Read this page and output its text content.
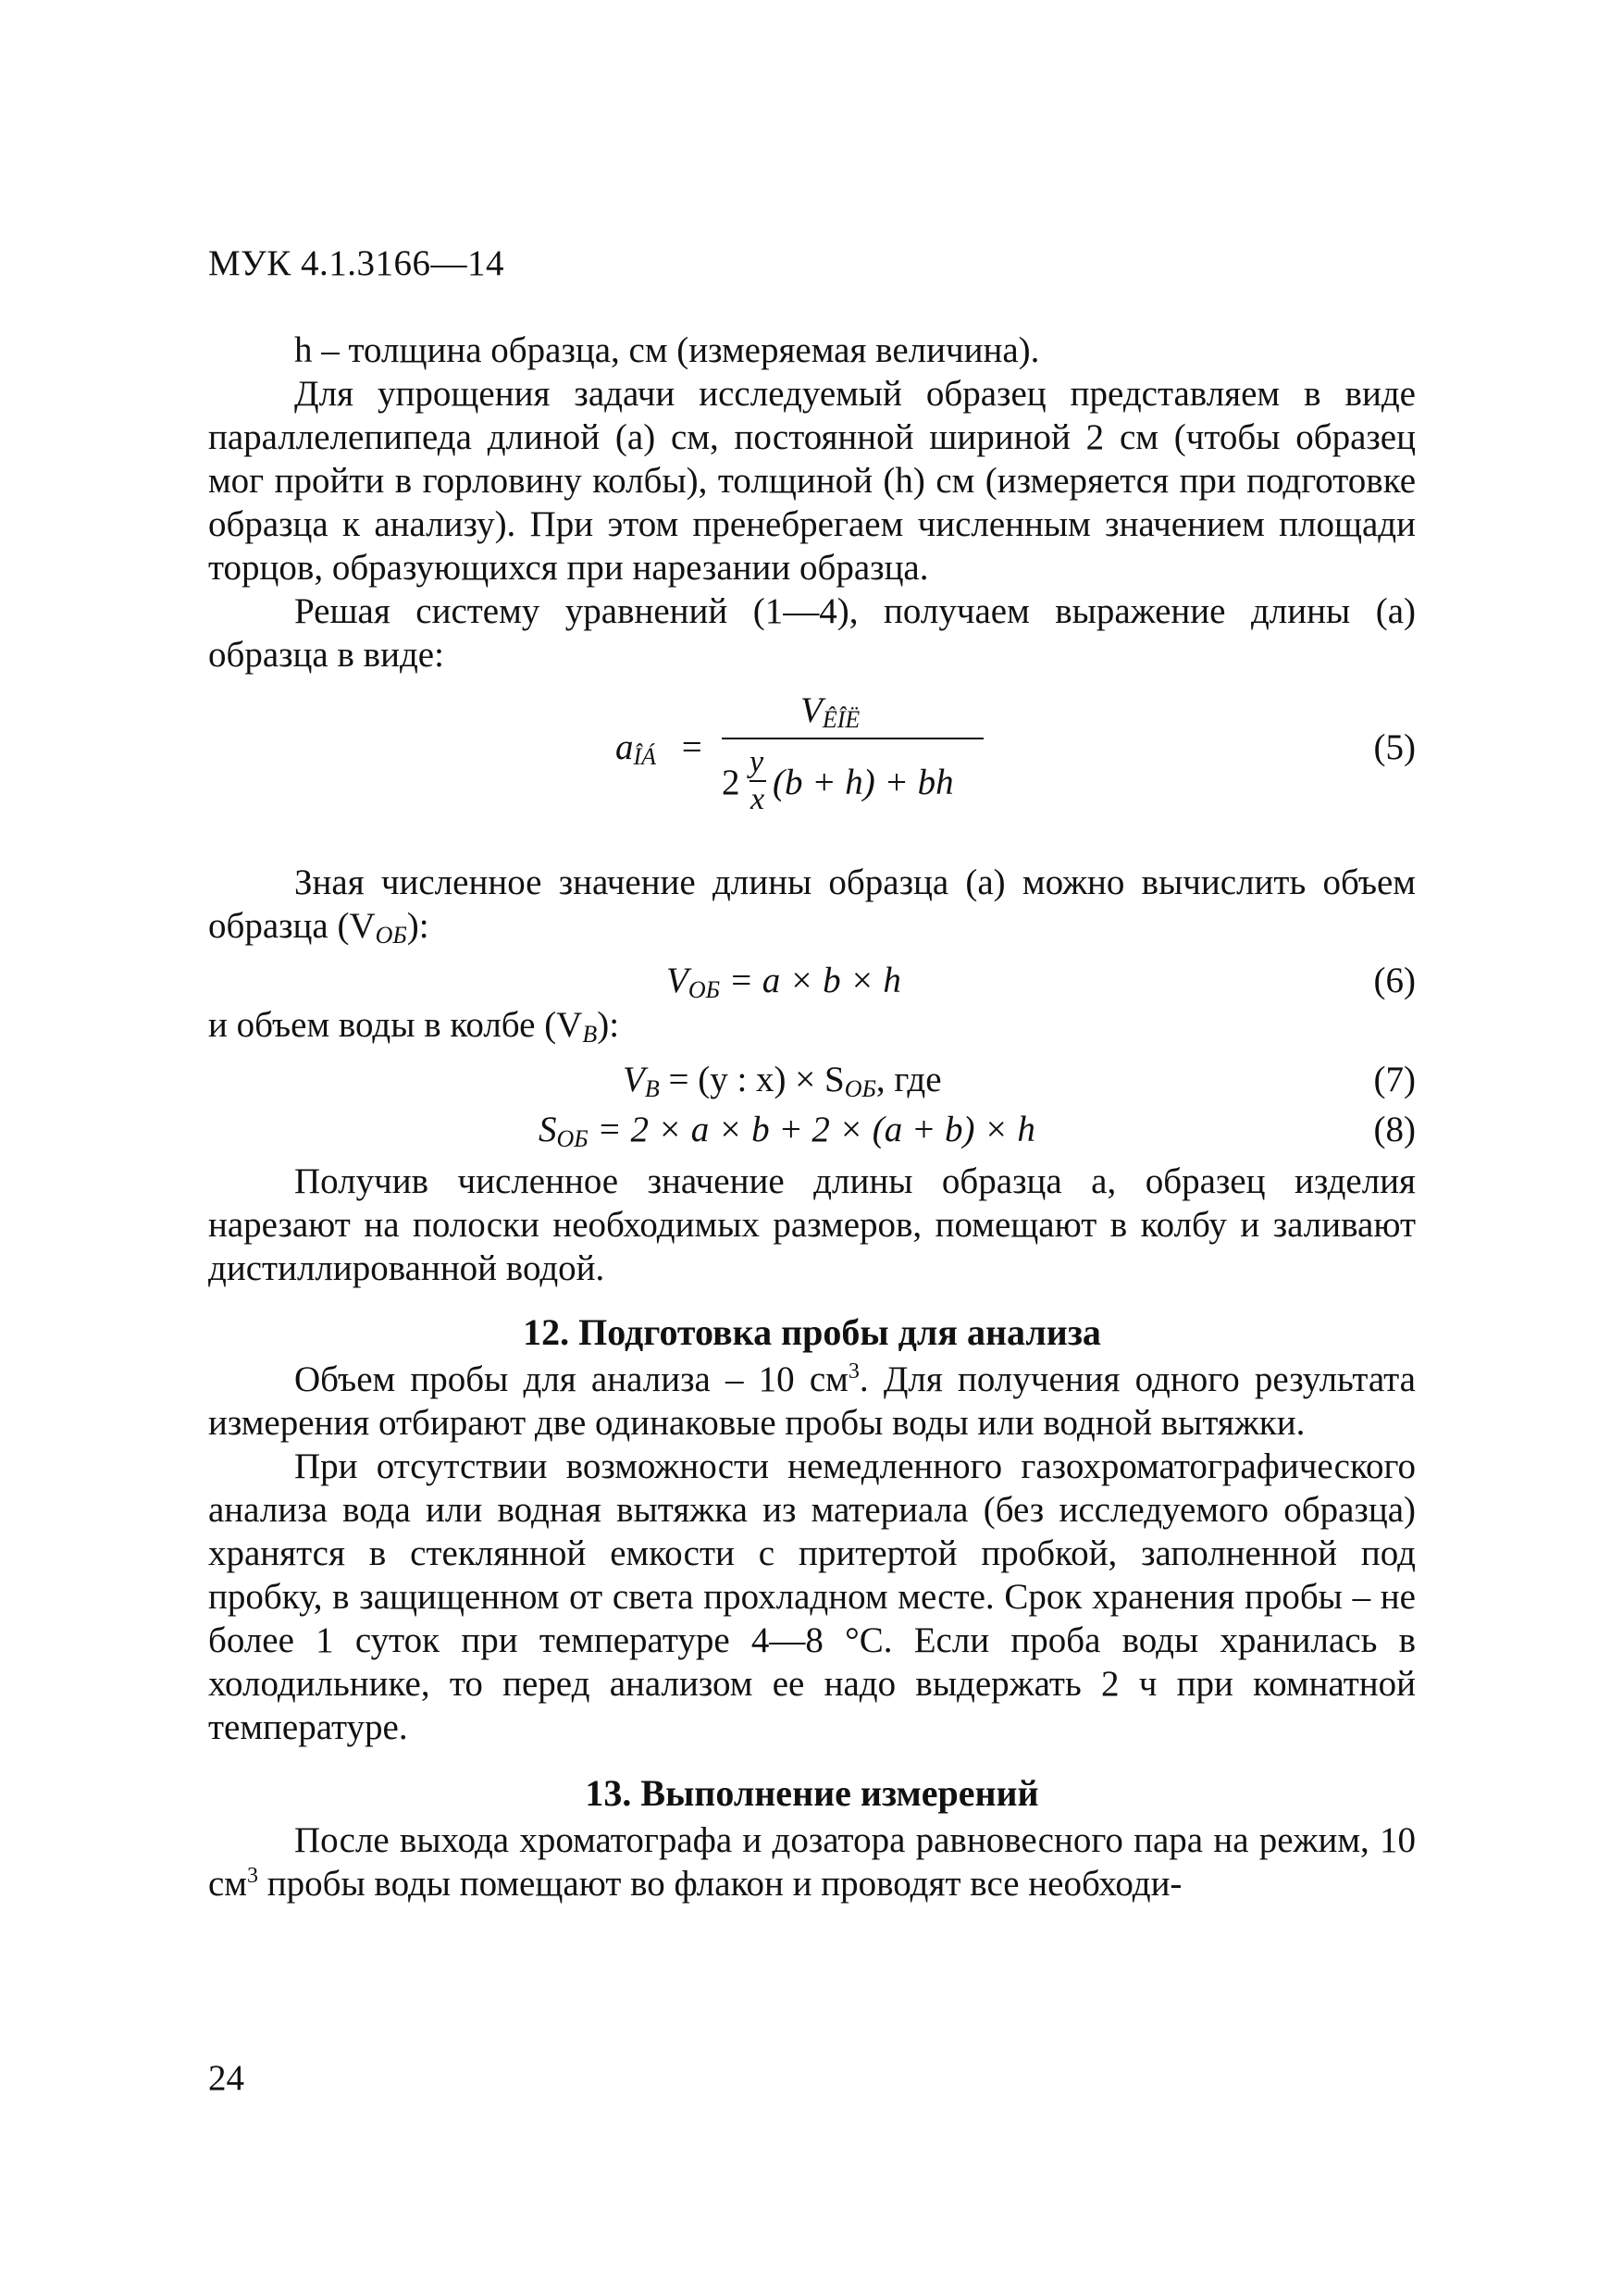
МУК 4.1.3166—14

h – толщина образца, см (измеряемая величина).

Для упрощения задачи исследуемый образец представляем в виде параллелепипеда длиной (a) см, постоянной шириной 2 см (чтобы образец мог пройти в горловину колбы), толщиной (h) см (измеряется при подготовке образца к анализу). При этом пренебрегаем численным значением площади торцов, образующихся при нарезании образца.

Решая систему уравнений (1—4), получаем выражение длины (a) образца в виде:

$a_{ÎÁ}$ =
$V_{ÊÎË}$
2
y
x (b + h) + bh
(5)

Зная численное значение длины образца (a) можно вычислить объем образца $(V_{ОБ})$:

$V_{ОБ} = a \times b \times h$	(6)

и объем воды в колбе $(V_В)$:

$V_В = (y$ : $x) \times S_{ОБ}$, где	(7)
$S_{ОБ} = 2 \times a \times b + 2 \times (a + b) \times h$	(8)

Получив численное значение длины образца a, образец изделия нарезают на полоски необходимых размеров, помещают в колбу и заливают дистиллированной водой.

12. Подготовка пробы для анализа

Объем пробы для анализа – 10 $см^3$. Для получения одного результата измерения отбирают две одинаковые пробы воды или водной вытяжки.

При отсутствии возможности немедленного газохроматографического анализа вода или водная вытяжка из материала (без исследуемого образца) хранятся в стеклянной емкости с притертой пробкой, заполненной под пробку, в защищенном от света прохладном месте. Срок хранения пробы – не более 1 суток при температуре 4—8 °С. Если проба воды хранилась в холодильнике, то перед анализом ее надо выдержать 2 ч при комнатной температуре.

13. Выполнение измерений

После выхода хроматографа и дозатора равновесного пара на режим, 10 $см^3$ пробы воды помещают во флакон и проводят все необходи-

24
